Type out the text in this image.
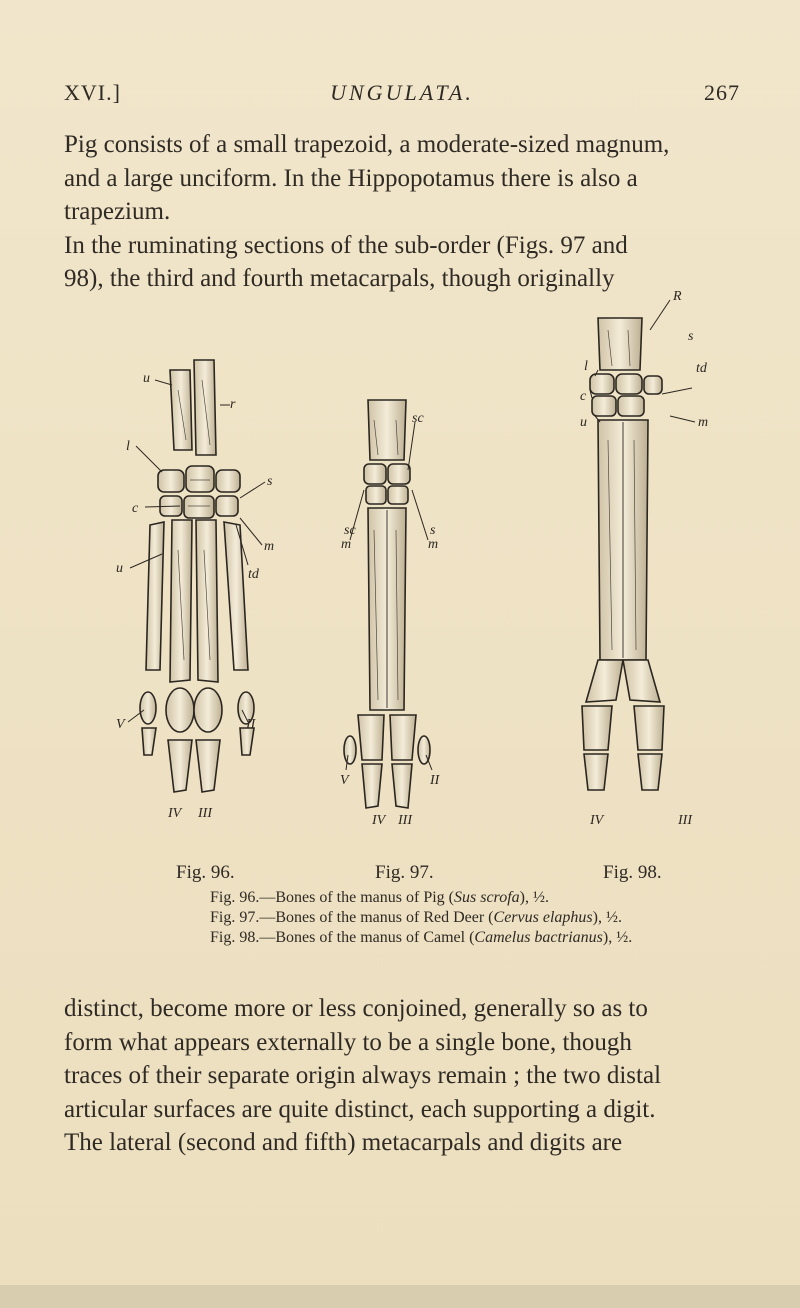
XVI.]	UNGULATA.	267

Pig consists of a small trapezoid, a moderate-sized magnum,

and a large unciform. In the Hippopotamus there is also a

trapezium.

In the ruminating sections of the sub-order (Figs. 97 and

98), the third and fourth metacarpals, though originally

u
r
l
c
u
s
m
td
V	II
IV III
sc
m
sc	s
m
V	II
IV III
R
l
s
c
td
u	m
IV	III
Fig. 96.	Fig. 97.	Fig. 98.
Fig. 96.—Bones of the manus of Pig (Sus scrofa), ½.
Fig. 97.—Bones of the manus of Red Deer (Cervus elaphus), ½.
Fig. 98.—Bones of the manus of Camel (Camelus bactrianus), ½.

distinct, become more or less conjoined, generally so as to

form what appears externally to be a single bone, though

traces of their separate origin always remain ; the two distal

articular surfaces are quite distinct, each supporting a digit.

The lateral (second and fifth) metacarpals and digits are
